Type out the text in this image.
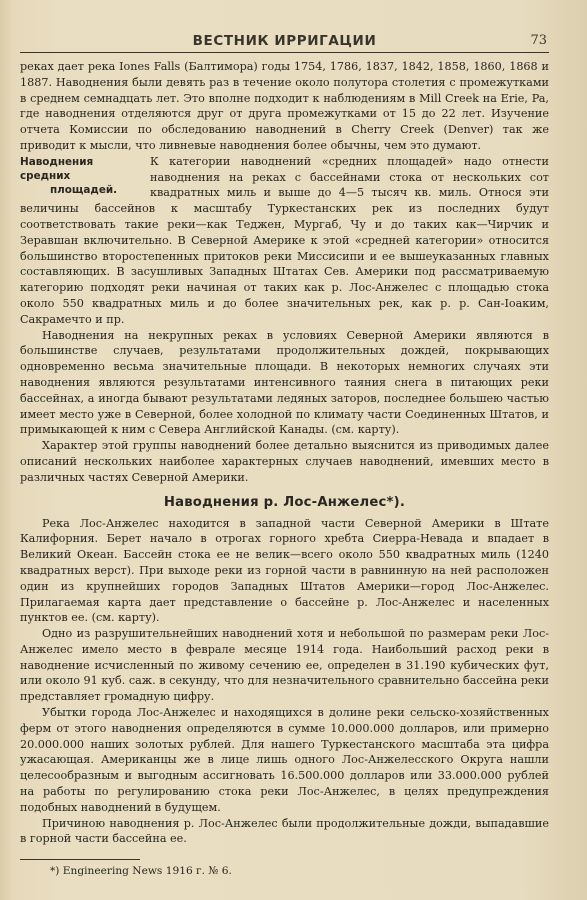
ВЕСТНИК ИРРИГАЦИИ	73

реках дает река Iones Falls (Балтимора) годы 1754, 1786, 1837, 1842, 1858, 1860, 1868 и 1887. Наводнения были девять раз в течение около полутора столетия с промежутками в среднем семнадцать лет. Это вполне подходит к наблюдениям в Mill Creek на Erie, Pa, где наводнения отделяются друг от друга промежутками от 15 до 22 лет. Изучение отчета Комиссии по обследованию наводнений в Cherry Creek (Denver) так же приводит к мысли, что ливневые наводнения более обычны, чем это думают.

Наводнения средних
площадей.

К категории наводнений «средних площадей» надо отнести наводнения на реках с бассейнами стока от нескольких сот квадратных миль и выше до 4—5 тысяч кв. миль. Относя эти величины бассейнов к масштабу Туркестанских рек из последних будут соответствовать такие реки—как Теджен, Мургаб, Чу и до таких как—Чирчик и Зеравшан включительно. В Северной Америке к этой «средней категории» относится большинство второстепенных притоков реки Миссисипи и ее вышеуказанных главных составляющих. В засушливых Западных Штатах Сев. Америки под рассматриваемую категорию подходят реки начиная от таких как р. Лос-Анжелес с площадью стока около 550 квадратных миль и до более значительных рек, как р. р. Сан-Іоаким, Сакрамечто и пр.

Наводнения на некрупных реках в условиях Северной Америки являются в большинстве случаев, результатами продолжительных дождей, покрывающих одновременно весьма значительные площади. В некоторых немногих случаях эти наводнения являются результатами интенсивного таяния снега в питающих реки бассейнах, а иногда бывают результатами ледяных заторов, последнее большею частью имеет место уже в Северной, более холодной по климату части Соединенных Штатов, и примыкающей к ним с Севера Английской Канады. (см. карту).

Характер этой группы наводнений более детально выяснится из приводимых далее описаний нескольких наиболее характерных случаев наводнений, имевших место в различных частях Северной Америки.

Наводнения р. Лос-Анжелес*).

Река Лос-Анжелес находится в западной части Северной Америки в Штате Калифорния. Берет начало в отрогах горного хребта Сиерра-Невада и впадает в Великий Океан. Бассейн стока ее не велик—всего около 550 квадратных миль (1240 квадратных верст). При выходе реки из горной части в равнинную на ней расположен один из крупнейших городов Западных Штатов Америки—город Лос-Анжелес. Прилагаемая карта дает представление о бассейне р. Лос-Анжелес и населенных пунктов ее. (см. карту).

Одно из разрушительнейших наводнений хотя и небольшой по размерам реки Лос-Анжелес имело место в феврале месяце 1914 года. Наибольший расход реки в наводнение исчисленный по живому сечению ее, определен в 31.190 кубических фут, или около 91 куб. саж. в секунду, что для незначительного сравнительно бассейна реки представляет громадную цифру.

Убытки города Лос-Анжелес и находящихся в долине реки сельско-хозяйственных ферм от этого наводнения определяются в сумме 10.000.000 долларов, или примерно 20.000.000 наших золотых рублей. Для нашего Туркестанского масштаба эта цифра ужасающая. Американцы же в лице лишь одного Лос-Анжелесского Округа нашли целесообразным и выгодным ассигновать 16.500.000 долларов или 33.000.000 рублей на работы по регулированию стока реки Лос-Анжелес, в целях предупреждения подобных наводнений в будущем.

Причиною наводнения р. Лос-Анжелес были продолжительные дожди, выпадавшие в горной части бассейна ее.

*) Engineering News 1916 г. № 6.
